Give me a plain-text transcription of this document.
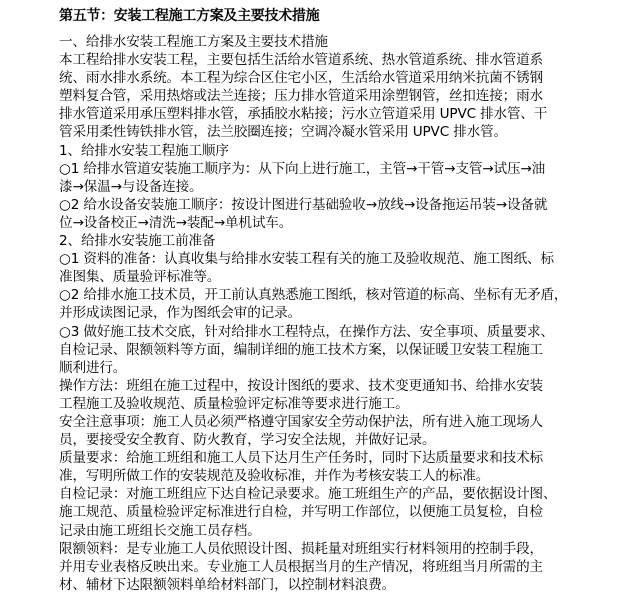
第五节：安装工程施工方案及主要技术措施
一、给排水安装工程施工方案及主要技术措施
本工程给排水安装工程，主要包括生活给水管道系统、热水管道系统、排水管道系
统、雨水排水系统。本工程为综合区住宅小区，生活给水管道采用纳米抗菌不锈钢
塑料复合管，采用热熔或法兰连接；压力排水管道采用涂塑钢管，丝扣连接；雨水
排水管道采用承压塑料排水管，承插胶水粘接；污水立管道采用 UPVC 排水管、干
管采用柔性铸铁排水管，法兰胶圈连接；空调冷凝水管采用 UPVC 排水管。
1、给排水安装工程施工顺序
○1 给排水管道安装施工顺序为：从下向上进行施工，主管→干管→支管→试压→油
漆→保温→与设备连接。
○2 给水设备安装施工顺序：按设计图进行基础验收→放线→设备拖运吊装→设备就
位→设备校正→清洗→装配→单机试车。
2、给排水安装施工前准备
○1 资料的准备：认真收集与给排水安装工程有关的施工及验收规范、施工图纸、标
准图集、质量验评标准等。
○2 给排水施工技术员，开工前认真熟悉施工图纸，核对管道的标高、坐标有无矛盾，
并形成读图记录，作为图纸会审的记录。
○3 做好施工技术交底，针对给排水工程特点，在操作方法、安全事项、质量要求、
自检记录、限额领料等方面，编制详细的施工技术方案，以保证暖卫安装工程施工
顺利进行。
操作方法：班组在施工过程中，按设计图纸的要求、技术变更通知书、给排水安装
工程施工及验收规范、质量检验评定标准等要求进行施工。
安全注意事项：施工人员必须严格遵守国家安全劳动保护法，所有进入施工现场人
员，要接受安全教育、防火教育，学习安全法规，并做好记录。
质量要求：给施工班组和施工人员下达月生产任务时，同时下达质量要求和技术标
准，写明所做工作的安装规范及验收标准，并作为考核安装工人的标准。
自检记录：对施工班组应下达自检记录要求。施工班组生产的产品，要依据设计图、
施工规范、质量检验评定标准进行自检，并写明工作部位，以便施工员复检，自检
记录由施工班组长交施工员存档。
限额领料：是专业施工人员依照设计图、损耗量对班组实行材料领用的控制手段，
并用专业表格反映出来。专业施工人员根据当月的生产情况，将班组当月所需的主
材、辅材下达限额领料单给材料部门，以控制材料浪费。
